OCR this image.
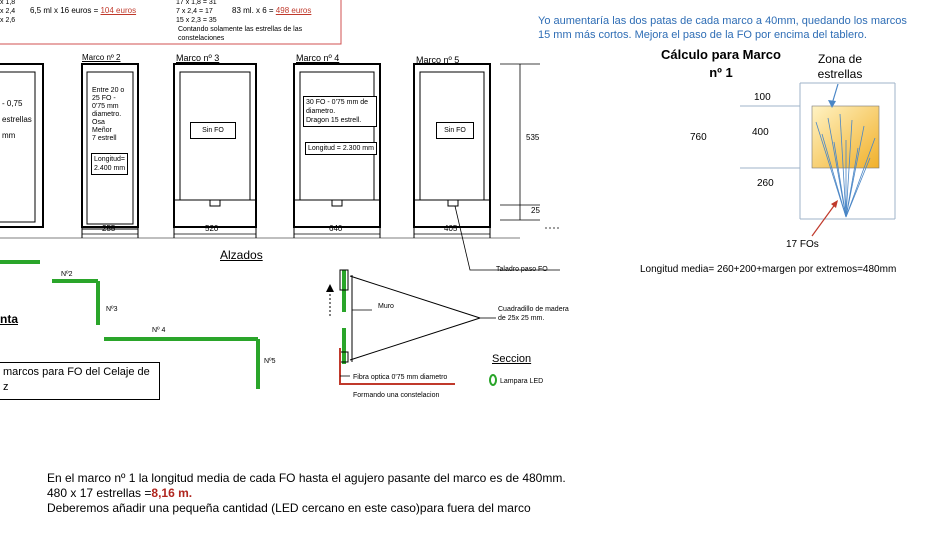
x 1,8
x 2,4
x 2,6
6,5 ml x 16 euros = 104 euros
17 x 1,8 = 31
7 x 2,4 = 17
15 x 2,3 = 35
83 ml. x 6 = 498 euros
Contando solamente las estrellas de las
constelaciones
Yo aumentaría las dos patas de cada marco a 40mm, quedando los marcos
15 mm más cortos. Mejora el paso de la FO por encima del tablero.
- 0,75
estrellas
mm
Marco nº 2	Marco nº 3	Marco nº 4	Marco nº 5
Entre 20 o
25 FO -
0'75 mm
diametro.
Osa
Meñor
7 estrell
Longitud=
2.400 mm
Sin FO
30 FO - 0'75 mm de
diametro.
Dragon 15 estrell.
Longitud = 2.300 mm
Sin FO
255	520	640	405
535
25
Taladro paso FO
Alzados
Nº2
Nº3
Nº 4
Nº5
nta
marcos para FO del Celaje de
z
Muro	Cuadradillo de madera
de 25x 25 mm.
Fibra optica 0'75 mm diametro
Formando una constelacion
Lampara LED
Seccion
Cálculo para Marco
nº 1
Zona de
estrellas
100
400
760
260
17 FOs
Longitud media= 260+200+margen por extremos=480mm
En el marco nº 1 la longitud media de cada FO hasta el agujero pasante del marco es de 480mm.
480 x 17 estrellas =8,16 m.
Deberemos añadir una pequeña cantidad (LED cercano en este caso)para fuera del marco
